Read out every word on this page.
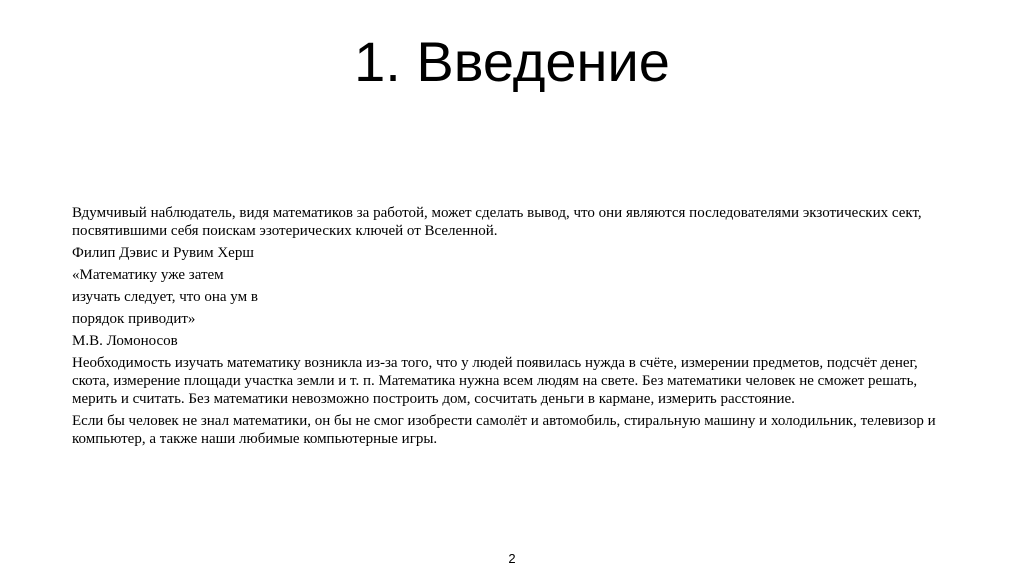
1. Введение

Вдумчивый наблюдатель, видя математиков за работой, может сделать вывод, что они являются последователями экзотических сект, посвятившими себя поискам эзотерических ключей от Вселенной.

Филип Дэвис и Рувим Херш

«Математику уже затем

изучать следует, что она ум в

порядок приводит»

М.В. Ломоносов

Необходимость изучать математику возникла из-за того, что у людей появилась нужда в счёте, измерении предметов, подсчёт денег, скота, измерение площади участка земли и т. п. Математика нужна всем людям на свете. Без математики человек не сможет решать, мерить и считать. Без математики невозможно построить дом, сосчитать деньги в кармане, измерить расстояние.

Если бы человек не знал математики, он бы не смог изобрести самолёт и автомобиль, стиральную машину и холодильник, телевизор и компьютер, а также наши любимые компьютерные игры.

2
